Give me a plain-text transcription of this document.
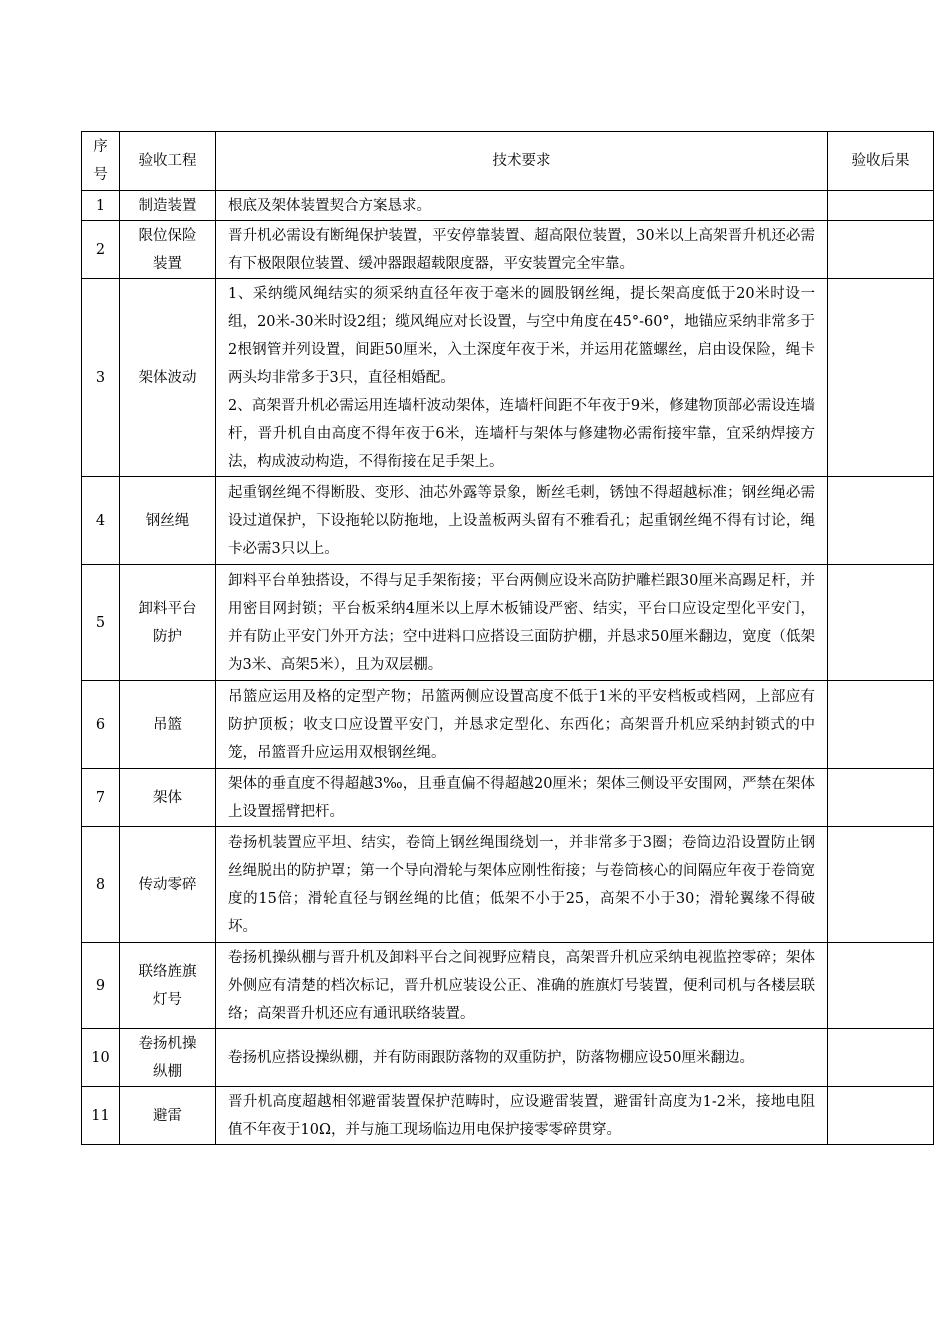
序
号	验收工程	技术要求	验收后果
1	制造装置	根底及架体装置契合方案恳求。	

2	限位保险装置	晋升机必需设有断绳保护装置，平安停靠装置、超高限位装置，30米以上高架晋升机还必需有下极限限位装置、缓冲器跟超载限度器，平安装置完全牢靠。	

3	架体波动	1、采纳缆风绳结实的须采纳直径年夜于毫米的圆股钢丝绳，提长架高度低于20米时设一组，20米-30米时设2组；缆风绳应对长设置，与空中角度在45°-60°，地锚应采纳非常多于2根钢管并列设置，间距50厘米，入土深度年夜于米，并运用花篮螺丝，启由设保险，绳卡两头均非常多于3只，直径相婚配。
2、高架晋升机必需运用连墙杆波动架体，连墙杆间距不年夜于9米，修建物顶部必需设连墙杆，晋升机自由高度不得年夜于6米，连墙杆与架体与修建物必需衔接牢靠，宜采纳焊接方法，构成波动构造，不得衔接在足手架上。	

4	钢丝绳	起重钢丝绳不得断股、变形、油芯外露等景象，断丝毛刺，锈蚀不得超越标准；钢丝绳必需设过道保护，下设拖轮以防拖地，上设盖板两头留有不雅看孔；起重钢丝绳不得有讨论，绳卡必需3只以上。	

5	卸料平台防护	卸料平台单独搭设，不得与足手架衔接；平台两侧应设米高防护雕栏跟30厘米高踢足杆，并用密目网封锁；平台板采纳4厘米以上厚木板铺设严密、结实，平台口应设定型化平安门，并有防止平安门外开方法；空中进料口应搭设三面防护棚，并恳求50厘米翻边，宽度（低架为3米、高架5米），且为双层棚。	

6	吊篮	吊篮应运用及格的定型产物；吊篮两侧应设置高度不低于1米的平安档板或档网，上部应有防护顶板；收支口应设置平安门，并恳求定型化、东西化；高架晋升机应采纳封锁式的中笼，吊篮晋升应运用双根钢丝绳。	

7	架体	架体的垂直度不得超越3‰，且垂直偏不得超越20厘米；架体三侧设平安围网，严禁在架体上设置摇臂把杆。	

8	传动零碎	卷扬机装置应平坦、结实，卷筒上钢丝绳围绕划一，并非常多于3圈；卷筒边沿设置防止钢丝绳脱出的防护罩；第一个导向滑轮与架体应刚性衔接；与卷筒核心的间隔应年夜于卷筒宽度的15倍；滑轮直径与钢丝绳的比值；低架不小于25，高架不小于30；滑轮翼缘不得破坏。	

9	联络旌旗灯号	卷扬机操纵棚与晋升机及卸料平台之间视野应精良，高架晋升机应采纳电视监控零碎；架体外侧应有清楚的档次标记，晋升机应装设公正、准确的旌旗灯号装置，便利司机与各楼层联络；高架晋升机还应有通讯联络装置。	

10	卷扬机操纵棚	卷扬机应搭设操纵棚，并有防雨跟防落物的双重防护，防落物棚应设50厘米翻边。	

11	避雷	晋升机高度超越相邻避雷装置保护范畴时，应设避雷装置，避雷针高度为1-2米，接地电阻值不年夜于10Ω，并与施工现场临边用电保护接零零碎贯穿。	
